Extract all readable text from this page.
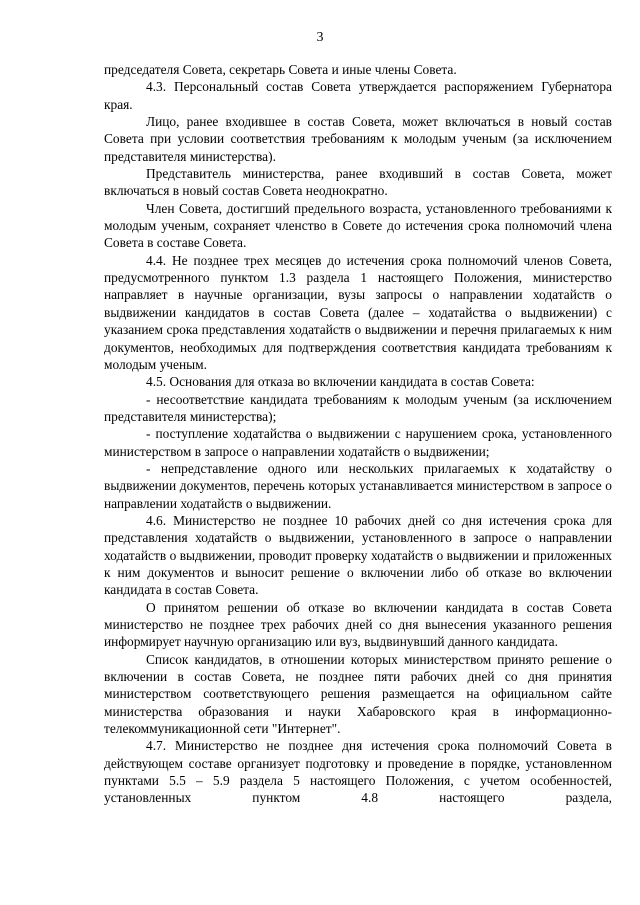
3

председателя Совета, секретарь Совета и иные члены Совета.

4.3. Персональный состав Совета утверждается распоряжением Губернатора края.

Лицо, ранее входившее в состав Совета, может включаться в новый состав Совета при условии соответствия требованиям к молодым ученым (за исключением представителя министерства).

Представитель министерства, ранее входивший в состав Совета, может включаться в новый состав Совета неоднократно.

Член Совета, достигший предельного возраста, установленного требованиями к молодым ученым, сохраняет членство в Совете до истечения срока полномочий члена Совета в составе Совета.

4.4. Не позднее трех месяцев до истечения срока полномочий членов Совета, предусмотренного пунктом 1.3 раздела 1 настоящего Положения, министерство направляет в научные организации, вузы запросы о направлении ходатайств о выдвижении кандидатов в состав Совета (далее – ходатайства о выдвижении) с указанием срока представления ходатайств о выдвижении и перечня прилагаемых к ним документов, необходимых для подтверждения соответствия кандидата требованиям к молодым ученым.

4.5. Основания для отказа во включении кандидата в состав Совета:

- несоответствие кандидата требованиям к молодым ученым (за исключением представителя министерства);

- поступление ходатайства о выдвижении с нарушением срока, установленного министерством в запросе о направлении ходатайств о выдвижении;

- непредставление одного или нескольких прилагаемых к ходатайству о выдвижении документов, перечень которых устанавливается министерством в запросе о направлении ходатайств о выдвижении.

4.6. Министерство не позднее 10 рабочих дней со дня истечения срока для представления ходатайств о выдвижении, установленного в запросе о направлении ходатайств о выдвижении, проводит проверку ходатайств о выдвижении и приложенных к ним документов и выносит решение о включении либо об отказе во включении кандидата в состав Совета.

О принятом решении об отказе во включении кандидата в состав Совета министерство не позднее трех рабочих дней со дня вынесения указанного решения информирует научную организацию или вуз, выдвинувший данного кандидата.

Список кандидатов, в отношении которых министерством принято решение о включении в состав Совета, не позднее пяти рабочих дней со дня принятия министерством соответствующего решения размещается на официальном сайте министерства образования и науки Хабаровского края в информационно-телекоммуникационной сети "Интернет".

4.7. Министерство не позднее дня истечения срока полномочий Совета в действующем составе организует подготовку и проведение в порядке, установленном пунктами 5.5 – 5.9 раздела 5 настоящего Положения, с учетом особенностей, установленных пунктом 4.8 настоящего раздела,
